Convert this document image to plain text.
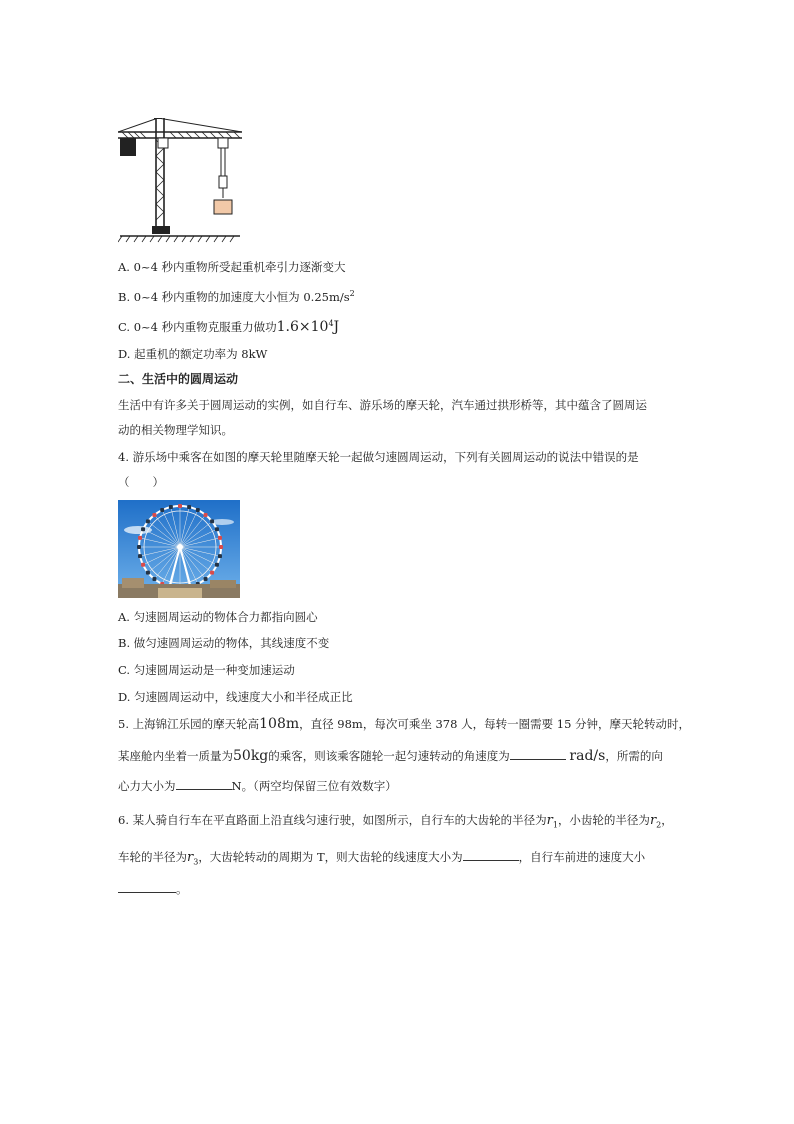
A. 0~4 秒内重物所受起重机牵引力逐渐变大
B. 0~4 秒内重物的加速度大小恒为 $0.25m/s^2$
C. 0~4 秒内重物克服重力做功$1.6\times 10^4J$
D. 起重机的额定功率为 8kW
二、生活中的圆周运动
生活中有许多关于圆周运动的实例，如自行车、游乐场的摩天轮，汽车通过拱形桥等，其中蕴含了圆周运
动的相关物理学知识。
4. 游乐场中乘客在如图的摩天轮里随摩天轮一起做匀速圆周运动，下列有关圆周运动的说法中错误的是
（　　）
A. 匀速圆周运动的物体合力都指向圆心
B. 做匀速圆周运动的物体，其线速度不变
C. 匀速圆周运动是一种变加速运动
D. 匀速圆周运动中，线速度大小和半径成正比
5. 上海锦江乐园的摩天轮高108m，直径 98m，每次可乘坐 378 人，每转一圈需要 15 分钟，摩天轮转动时，
某座舱内坐着一质量为50kg的乘客，则该乘客随轮一起匀速转动的角速度为	rad/s，所需的向
心力大小为	N。（两空均保留三位有效数字）
6. 某人骑自行车在平直路面上沿直线匀速行驶，如图所示，自行车的大齿轮的半径为$r_1$，小齿轮的半径为$r_2$，
车轮的半径为$r_3$，大齿轮转动的周期为 T，则大齿轮的线速度大小为	，自行车前进的速度大小
。
